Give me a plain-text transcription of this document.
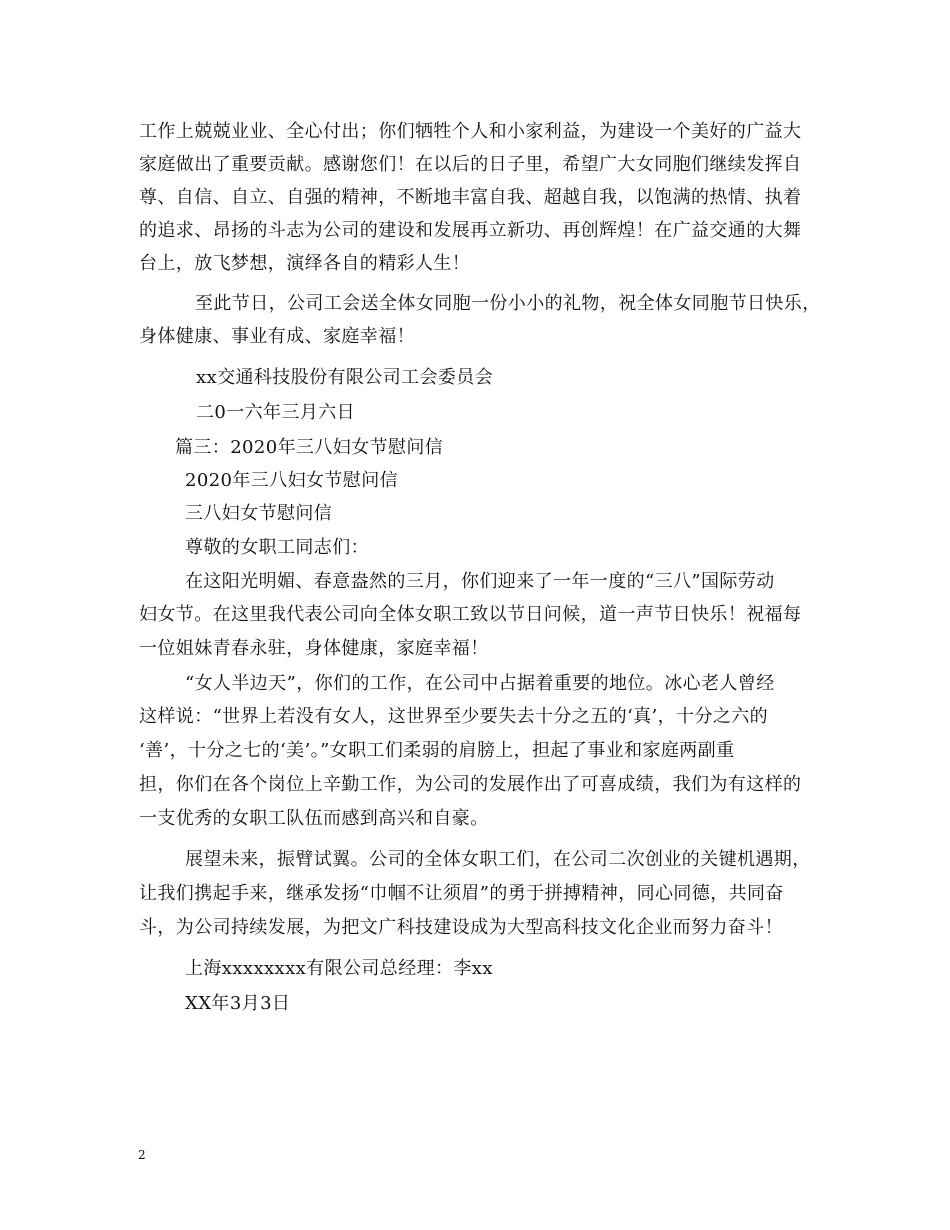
工作上兢兢业业、全心付出；你们牺牲个人和小家利益，为建设一个美好的广益大
家庭做出了重要贡献。感谢您们！在以后的日子里，希望广大女同胞们继续发挥自
尊、自信、自立、自强的精神，不断地丰富自我、超越自我，以饱满的热情、执着
的追求、昂扬的斗志为公司的建设和发展再立新功、再创辉煌！在广益交通的大舞
台上，放飞梦想，演绎各自的精彩人生！
至此节日，公司工会送全体女同胞一份小小的礼物，祝全体女同胞节日快乐，
身体健康、事业有成、家庭幸福！
xx交通科技股份有限公司工会委员会
二0一六年三月六日
篇三：2020年三八妇女节慰问信
2020年三八妇女节慰问信
三八妇女节慰问信
尊敬的女职工同志们：
在这阳光明媚、春意盎然的三月，你们迎来了一年一度的“三八”国际劳动
妇女节。在这里我代表公司向全体女职工致以节日问候，道一声节日快乐！祝福每
一位姐妹青春永驻，身体健康，家庭幸福！
“女人半边天”，你们的工作，在公司中占据着重要的地位。冰心老人曾经
这样说：“世界上若没有女人，这世界至少要失去十分之五的‘真’，十分之六的
‘善’，十分之七的‘美’。”女职工们柔弱的肩膀上，担起了事业和家庭两副重
担，你们在各个岗位上辛勤工作，为公司的发展作出了可喜成绩，我们为有这样的
一支优秀的女职工队伍而感到高兴和自豪。
展望未来，振臂试翼。公司的全体女职工们，在公司二次创业的关键机遇期，
让我们携起手来，继承发扬“巾帼不让须眉”的勇于拼搏精神，同心同德，共同奋
斗，为公司持续发展，为把文广科技建设成为大型高科技文化企业而努力奋斗！
上海xxxxxxxx有限公司总经理：李xx
XX年3月3日
2
